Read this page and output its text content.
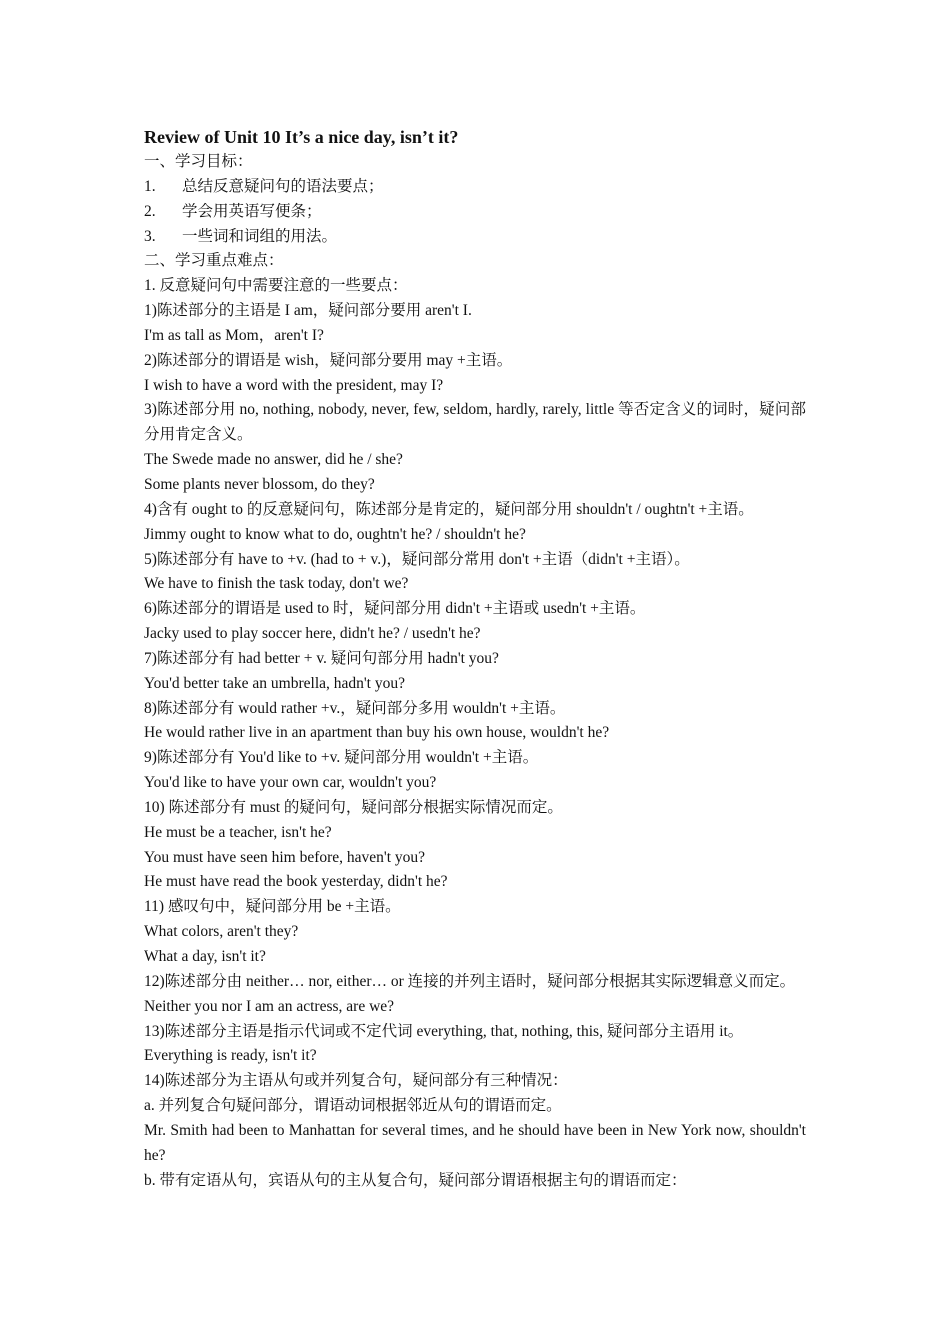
Review of Unit 10 It’s a nice day, isn’t it?

一、学习目标：

1. 总结反意疑问句的语法要点；

2. 学会用英语写便条；

3. 一些词和词组的用法。

二、学习重点难点：

1. 反意疑问句中需要注意的一些要点：

1)陈述部分的主语是 I am，疑问部分要用 aren't I.

I'm as tall as Mom，aren't I?

2)陈述部分的谓语是 wish，疑问部分要用 may +主语。

I wish to have a word with the president, may I?

3)陈述部分用 no, nothing, nobody, never, few, seldom, hardly, rarely, little 等否定含义的词时，疑问部分用肯定含义。

The Swede made no answer, did he / she?

Some plants never blossom, do they?

4)含有 ought to 的反意疑问句，陈述部分是肯定的，疑问部分用 shouldn't / oughtn't +主语。

Jimmy ought to know what to do, oughtn't he? / shouldn't he?

5)陈述部分有 have to +v. (had to + v.)，疑问部分常用 don't +主语（didn't +主语）。

We have to finish the task today, don't we?

6)陈述部分的谓语是 used to 时，疑问部分用 didn't +主语或 usedn't +主语。

Jacky used to play soccer here, didn't he? / usedn't he?

7)陈述部分有 had better + v. 疑问句部分用 hadn't you?

You'd better take an umbrella, hadn't you?

8)陈述部分有 would rather +v.，疑问部分多用 wouldn't +主语。

He would rather live in an apartment than buy his own house, wouldn't he?

9)陈述部分有 You'd like to +v. 疑问部分用 wouldn't +主语。

You'd like to have your own car, wouldn't you?

10) 陈述部分有 must 的疑问句，疑问部分根据实际情况而定。

He must be a teacher, isn't he?

You must have seen him before, haven't you?

He must have read the book yesterday, didn't he?

11) 感叹句中，疑问部分用 be +主语。

What colors, aren't they?

What a day, isn't it?

12)陈述部分由 neither… nor, either… or 连接的并列主语时，疑问部分根据其实际逻辑意义而定。

Neither you nor I am an actress, are we?

13)陈述部分主语是指示代词或不定代词 everything, that, nothing, this, 疑问部分主语用 it。

Everything is ready, isn't it?

14)陈述部分为主语从句或并列复合句，疑问部分有三种情况：

a. 并列复合句疑问部分，谓语动词根据邻近从句的谓语而定。

Mr. Smith had been to Manhattan for several times, and he should have been in New York now, shouldn't he?

b. 带有定语从句，宾语从句的主从复合句，疑问部分谓语根据主句的谓语而定：
